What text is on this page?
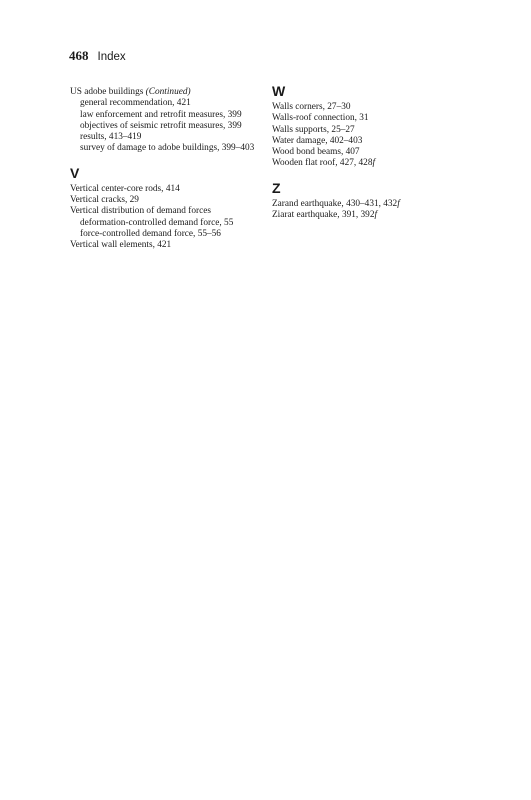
468 Index
US adobe buildings (Continued)
general recommendation, 421
law enforcement and retrofit measures, 399
objectives of seismic retrofit measures, 399
results, 413–419
survey of damage to adobe buildings, 399–403
V
Vertical center-core rods, 414
Vertical cracks, 29
Vertical distribution of demand forces
deformation-controlled demand force, 55
force-controlled demand force, 55–56
Vertical wall elements, 421
W
Walls corners, 27–30
Walls-roof connection, 31
Walls supports, 25–27
Water damage, 402–403
Wood bond beams, 407
Wooden flat roof, 427, 428f
Z
Zarand earthquake, 430–431, 432f
Ziarat earthquake, 391, 392f
